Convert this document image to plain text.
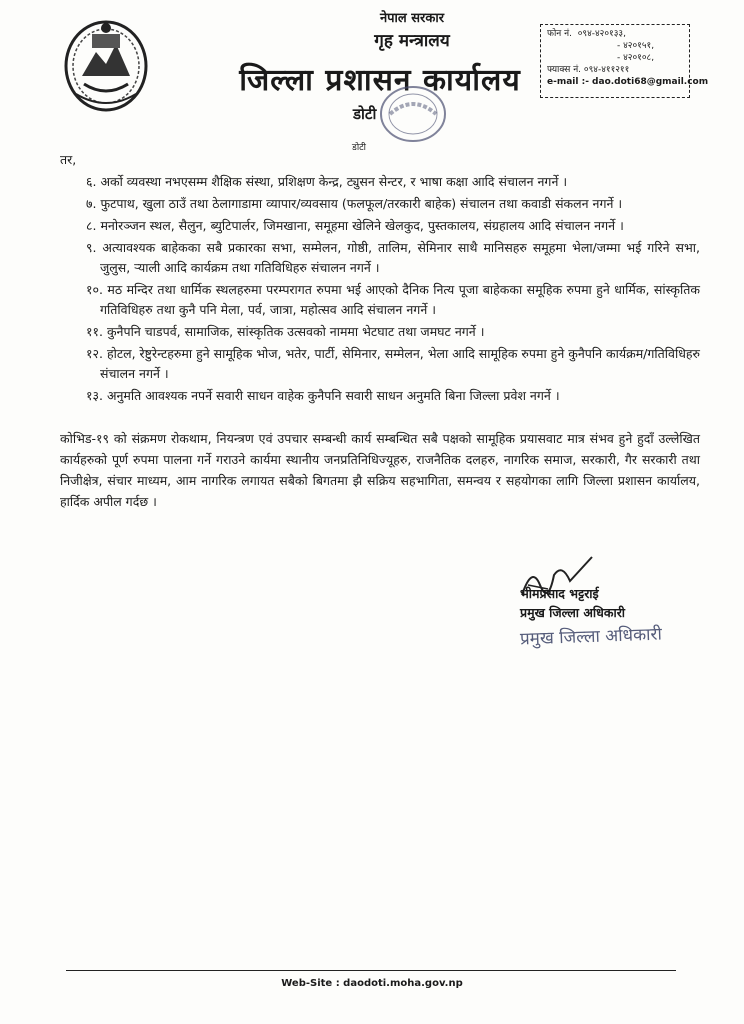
नेपाल सरकार
गृह मन्त्रालय
जिल्ला प्रशासन कार्यालय
डोटी
फोन नं. ०९४-४२०१३३,
- ४२०१५१,
- ४२०१०८,
फ्याक्स नं. ०९४-४११२११
e-mail :- dao.doti68@gmail.com
डोटी
तर,
६. अर्को व्यवस्था नभएसम्म शैक्षिक संस्था, प्रशिक्षण केन्द्र, ट्युसन सेन्टर, र भाषा कक्षा आदि संचालन नगर्ने ।
७. फुटपाथ, खुला ठाउँ तथा ठेलागाडामा व्यापार/व्यवसाय (फलफूल/तरकारी बाहेक) संचालन तथा कवाडी संकलन नगर्ने ।
८. मनोरञ्जन स्थल, सैलुन, ब्युटिपार्लर, जिमखाना, समूहमा खेलिने खेलकुद, पुस्तकालय, संग्रहालय आदि संचालन नगर्ने ।
९. अत्यावश्यक बाहेकका सबै प्रकारका सभा, सम्मेलन, गोष्ठी, तालिम, सेमिनार साथै मानिसहरु समूहमा भेला/जम्मा भई गरिने सभा, जुलुस, ऱ्याली आदि कार्यक्रम तथा गतिविधिहरु संचालन नगर्ने ।
१०. मठ मन्दिर तथा धार्मिक स्थलहरुमा परम्परागत रुपमा भई आएको दैनिक नित्य पूजा बाहेकका समूहिक रुपमा हुने धार्मिक, सांस्कृतिक गतिविधिहरु तथा कुनै पनि मेला, पर्व, जात्रा, महोत्सव आदि संचालन नगर्ने ।
११. कुनैपनि चाडपर्व, सामाजिक, सांस्कृतिक उत्सवको नाममा भेटघाट तथा जमघट नगर्ने ।
१२. होटल, रेष्टुरेन्टहरुमा हुने सामूहिक भोज, भतेर, पार्टी, सेमिनार, सम्मेलन, भेला आदि सामूहिक रुपमा हुने कुनैपनि कार्यक्रम/गतिविधिहरु संचालन नगर्ने ।
१३. अनुमति आवश्यक नपर्ने सवारी साधन वाहेक कुनैपनि सवारी साधन अनुमति बिना जिल्ला प्रवेश नगर्ने ।
कोभिड-१९ को संक्रमण रोकथाम, नियन्त्रण एवं उपचार सम्बन्धी कार्य सम्बन्धित सबै पक्षको सामूहिक प्रयासवाट मात्र संभव हुने हुदाँ उल्लेखित कार्यहरुको पूर्ण रुपमा पालना गर्ने गराउने कार्यमा स्थानीय जनप्रतिनिधिज्यूहरु, राजनैतिक दलहरु, नागरिक समाज, सरकारी, गैर सरकारी तथा निजीक्षेत्र, संचार माध्यम, आम नागरिक लगायत सबैको बिगतमा झै सक्रिय सहभागिता, समन्वय र सहयोगका लागि जिल्ला प्रशासन कार्यालय, हार्दिक अपील गर्दछ ।
भीमप्रसाद भट्टराई
प्रमुख जिल्ला अधिकारी
प्रमुख जिल्ला अधिकारी
Web-Site : daodoti.moha.gov.np
